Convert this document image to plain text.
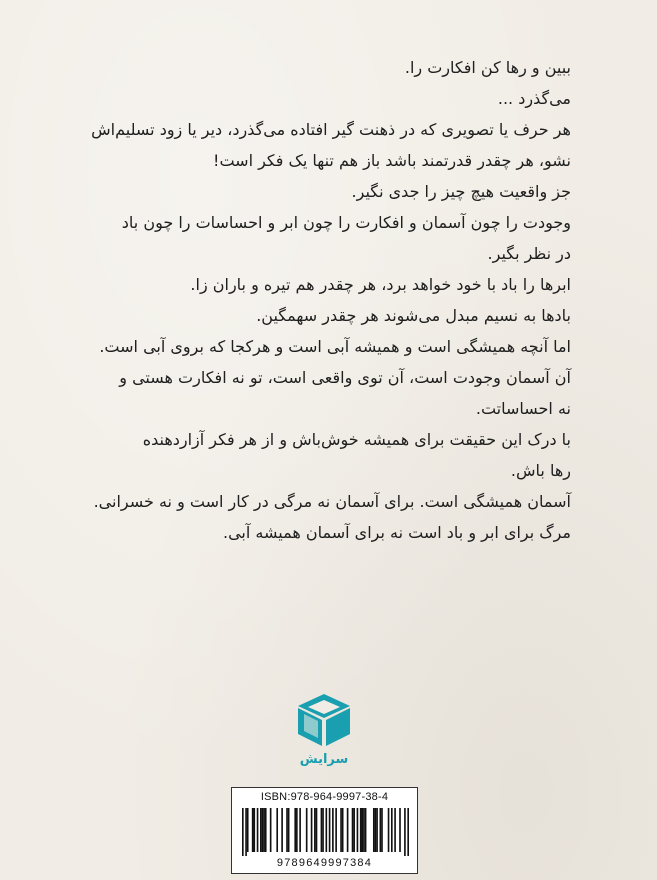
ببین و رها کن افکارت را.
می‌گذرد ...
هر حرف یا تصویری که در ذهنت گیر افتاده می‌گذرد، دیر یا زود تسلیم‌اش
نشو، هر چقدر قدرتمند باشد باز هم تنها یک فکر است!
جز واقعیت هیچ چیز را جدی نگیر.
وجودت را چون آسمان و افکارت را چون ابر و احساسات را چون باد
در نظر بگیر.
ابرها را باد با خود خواهد برد، هر چقدر هم تیره و باران زا.
بادها به نسیم مبدل می‌شوند هر چقدر سهمگین.
اما آنچه همیشگی است و همیشه آبی است و هرکجا که بروی آبی است.
آن آسمان وجودت است، آن توی واقعی است، تو نه افکارت هستی و
نه احساساتت.
با درک این حقیقت برای همیشه خوش‌باش و از هر فکر آزاردهنده
رها باش.
آسمان همیشگی است. برای آسمان نه مرگی در کار است و نه خسرانی.
مرگ برای ابر و باد است نه برای آسمان همیشه آبی.
سرایش
ISBN:978-964-9997-38-4
9789649997384
